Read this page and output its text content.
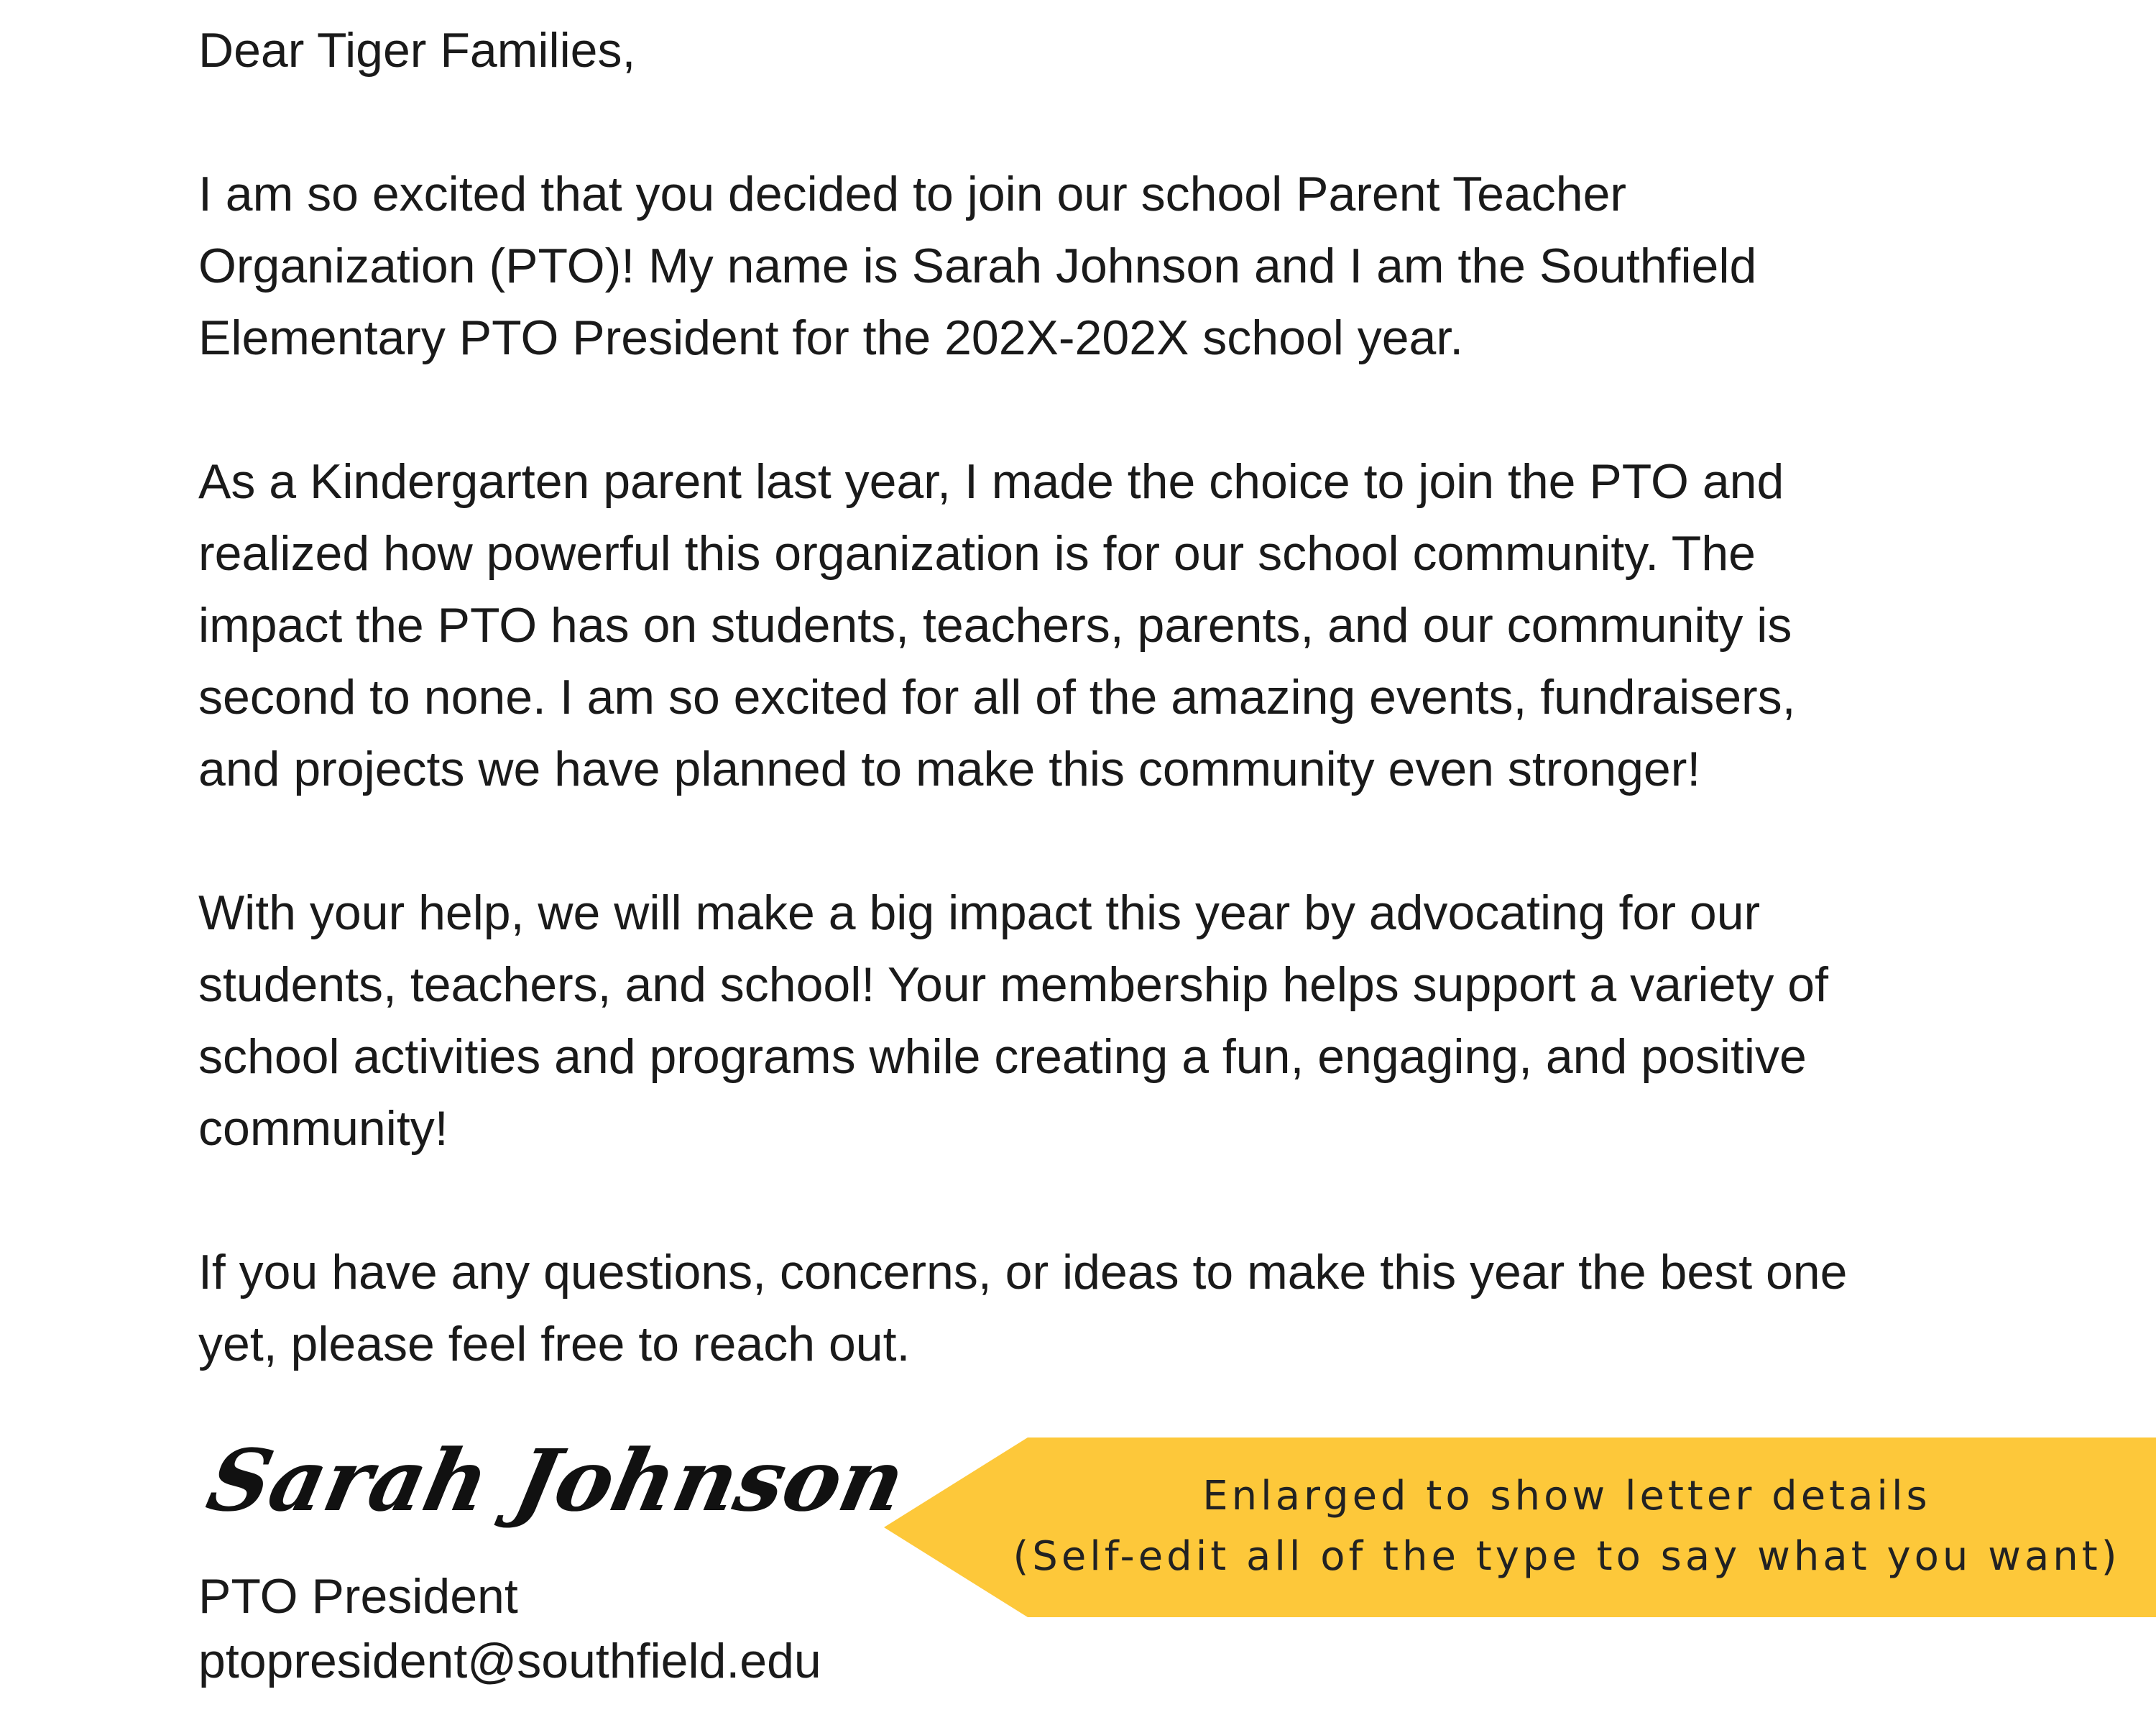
Dear Tiger Families,
I am so excited that you decided to join our school Parent Teacher
Organization (PTO)! My name is Sarah Johnson and I am the Southfield
Elementary PTO President for the 202X-202X school year.
As a Kindergarten parent last year, I made the choice to join the PTO and
realized how powerful this organization is for our school community. The
impact the PTO has on students, teachers, parents, and our community is
second to none. I am so excited for all of the amazing events, fundraisers,
and projects we have planned to make this community even stronger!
With your help, we will make a big impact this year by advocating for our
students, teachers, and school! Your membership helps support a variety of
school activities and programs while creating a fun, engaging, and positive
community!
If you have any questions, concerns, or ideas to make this year the best one
yet, please feel free to reach out.
Sarah Johnson
PTO President
ptopresident@southfield.edu
Enlarged to show letter details
(Self-edit all of the type to say what you want)
